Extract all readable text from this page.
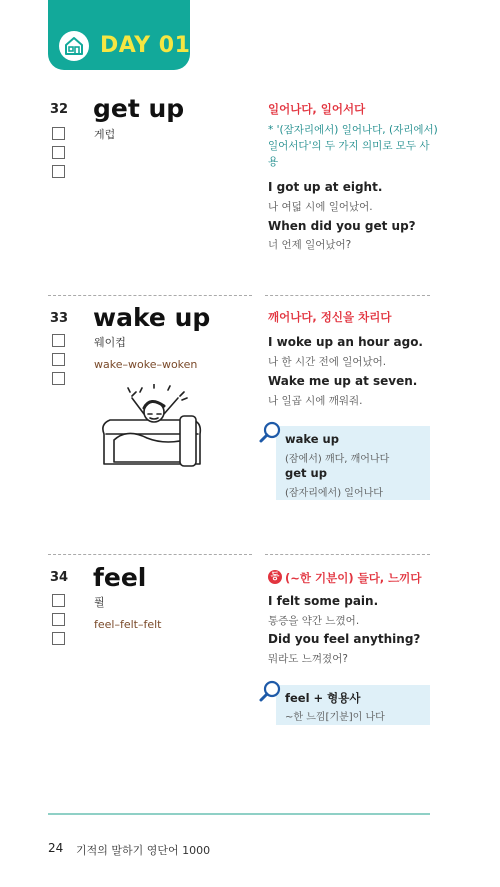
DAY 01
32 get up
게럽
일어나다, 일어서다
* '(잠자리에서) 일어나다, (자리에서) 일어서다'의 두 가지 의미로 모두 사용
I got up at eight.
나 여덟 시에 일어났어.
When did you get up?
너 언제 일어났어?
33 wake up
웨이컵
wake–woke–woken
깨어나다, 정신을 차리다
I woke up an hour ago.
나 한 시간 전에 일어났어.
Wake me up at seven.
나 일곱 시에 깨워줘.
wake up
(잠에서) 깨다, 깨어나다
get up
(잠자리에서) 일어나다
34 feel
퓔
feel–felt–felt
동 (~한 기분이) 들다, 느끼다
I felt some pain.
통증을 약간 느꼈어.
Did you feel anything?
뭐라도 느껴졌어?
feel + 형용사
~한 느낌[기분]이 나다
24 기적의 말하기 영단어 1000
